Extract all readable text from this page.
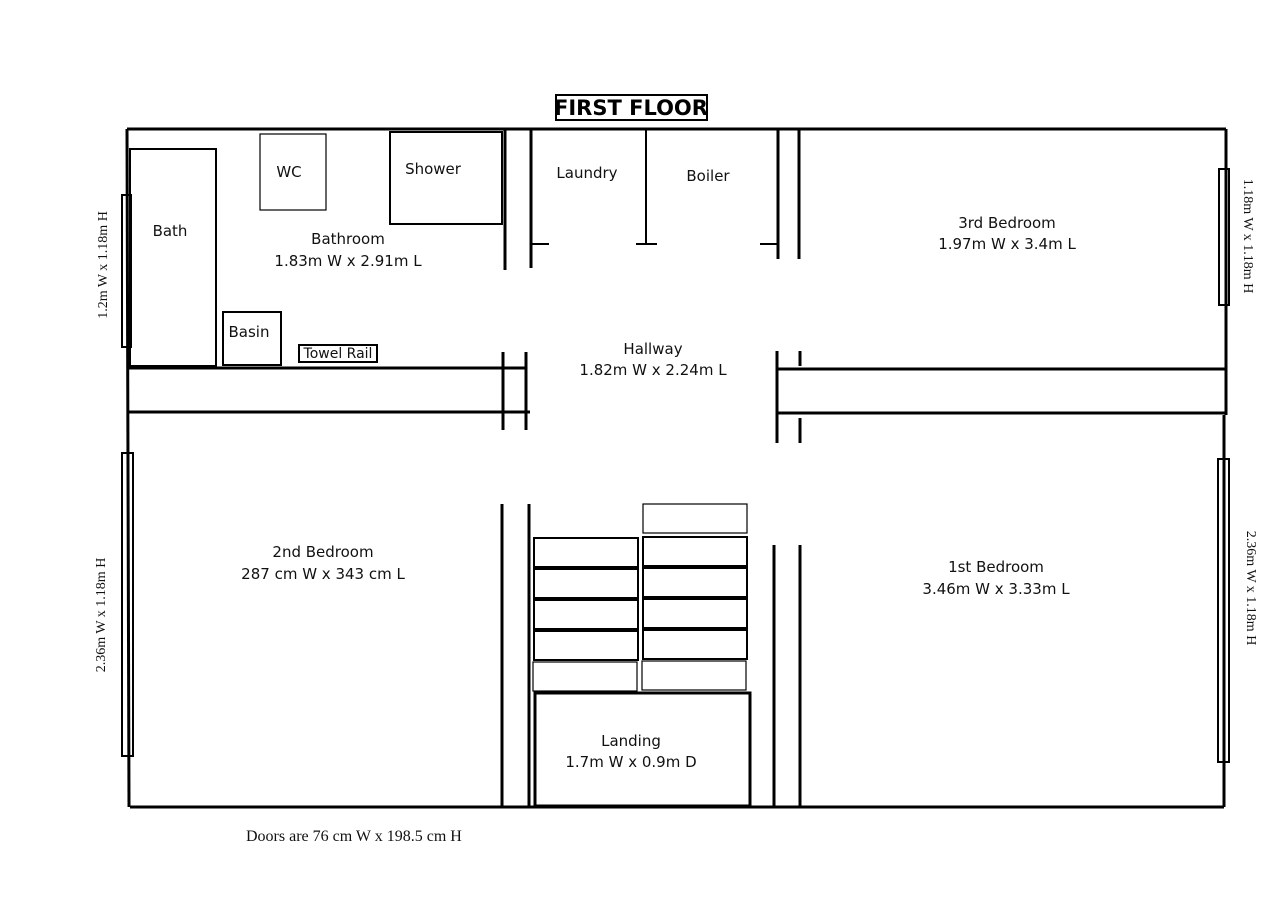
FIRST FLOOR
WC	Shower
Bath
Basin
Towel Rail
Bathroom
1.83m W x 2.91m L
Laundry	Boiler
3rd Bedroom
1.97m W x 3.4m L
Hallway
1.82m W x 2.24m L
2nd Bedroom
287 cm W x 343 cm L	1st Bedroom
3.46m W x 3.33m L
Landing
1.7m W x 0.9m D
1.2m W x 1.18m H	1.18m W x 1.18m H
2.36m W x 1.18m H	2.36m W x 1.18m H
Doors are 76 cm W x 198.5 cm H
